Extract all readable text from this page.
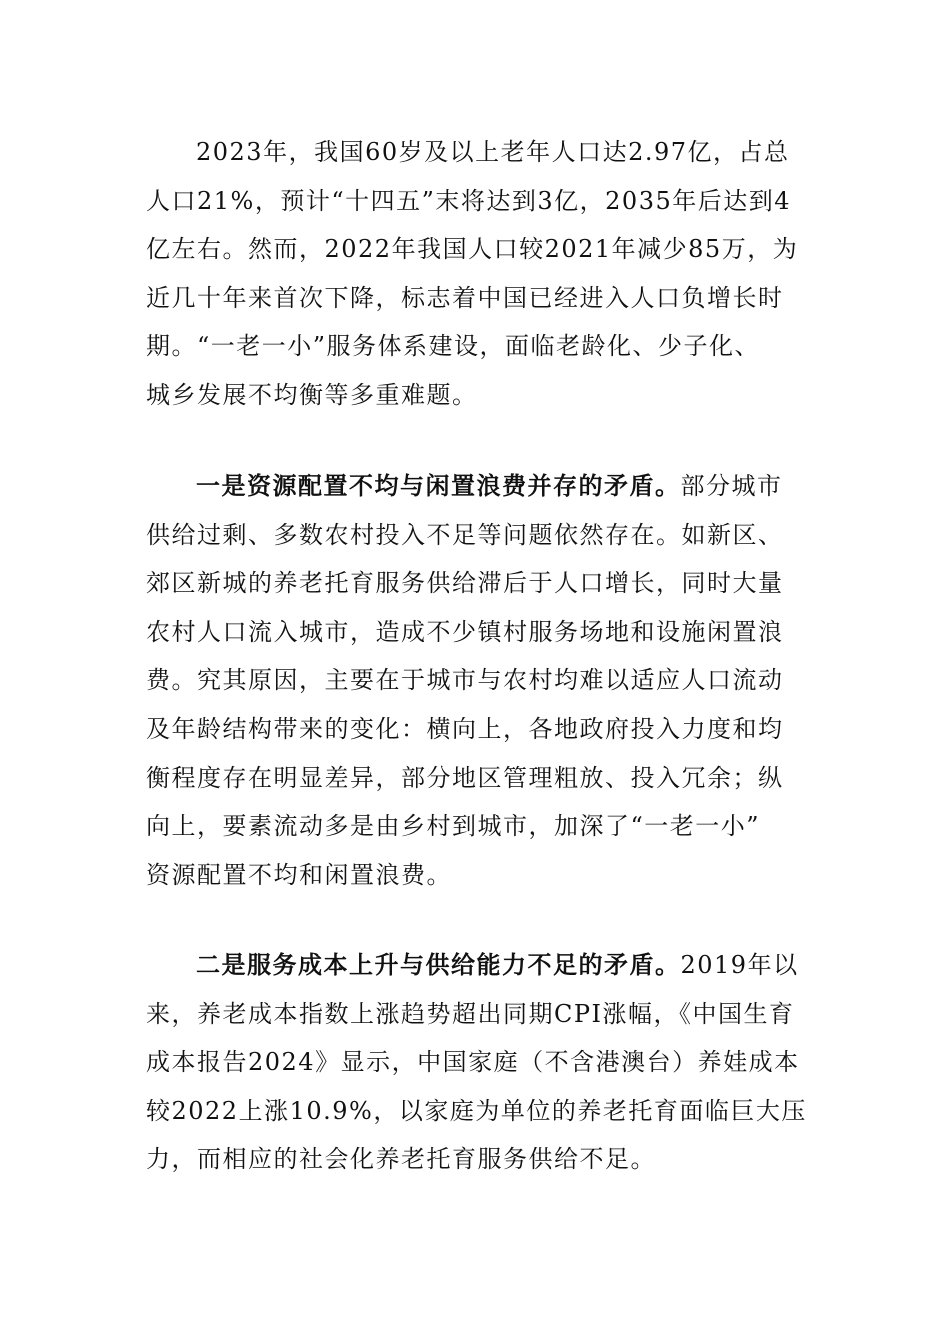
2023年，我国60岁及以上老年人口达2.97亿，占总
人口21%，预计“十四五”末将达到3亿，2035年后达到4
亿左右。然而，2022年我国人口较2021年减少85万，为
近几十年来首次下降，标志着中国已经进入人口负增长时
期。“一老一小”服务体系建设，面临老龄化、少子化、
城乡发展不均衡等多重难题。
一是资源配置不均与闲置浪费并存的矛盾。部分城市
供给过剩、多数农村投入不足等问题依然存在。如新区、
郊区新城的养老托育服务供给滞后于人口增长，同时大量
农村人口流入城市，造成不少镇村服务场地和设施闲置浪
费。究其原因，主要在于城市与农村均难以适应人口流动
及年龄结构带来的变化：横向上，各地政府投入力度和均
衡程度存在明显差异，部分地区管理粗放、投入冗余；纵
向上，要素流动多是由乡村到城市，加深了“一老一小”
资源配置不均和闲置浪费。
二是服务成本上升与供给能力不足的矛盾。2019年以
来，养老成本指数上涨趋势超出同期CPI涨幅，《中国生育
成本报告2024》显示，中国家庭（不含港澳台）养娃成本
较2022上涨10.9%，以家庭为单位的养老托育面临巨大压
力，而相应的社会化养老托育服务供给不足。
